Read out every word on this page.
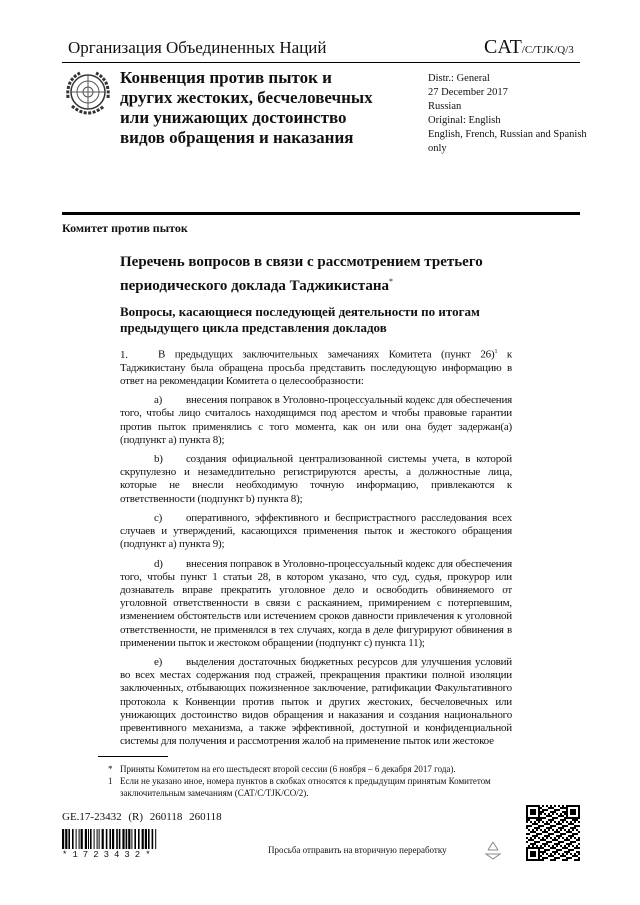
Организация Объединенных Наций	CAT/C/TJK/Q/3
Конвенция против пыток и
других жестоких, бесчеловечных
или унижающих достоинство
видов обращения и наказания
Distr.: General
27 December 2017
Russian
Original: English
English, French, Russian and Spanish only
Комитет против пыток
Перечень вопросов в связи с рассмотрением третьего периодического доклада Таджикистана*
Вопросы, касающиеся последующей деятельности по итогам предыдущего цикла представления докладов

1.	В предыдущих заключительных замечаниях Комитета (пункт 26)$^1$ к Таджикистану была обращена просьба представить последующую информацию в ответ на рекомендации Комитета о целесообразности:

a) внесения поправок в Уголовно-процессуальный кодекс для обеспечения того, чтобы лицо считалось находящимся под арестом и чтобы правовые гарантии против пыток применялись с того момента, как он или она будет задержан(а) (подпункт a) пункта 8);

b) создания официальной централизованной системы учета, в которой скрупулезно и незамедлительно регистрируются аресты, а должностные лица, которые не внесли необходимую точную информацию, привлекаются к ответственности (подпункт b) пункта 8);

c) оперативного, эффективного и беспристрастного расследования всех случаев и утверждений, касающихся применения пыток и жестокого обращения (подпункт a) пункта 9);

d) внесения поправок в Уголовно-процессуальный кодекс для обеспечения того, чтобы пункт 1 статьи 28, в котором указано, что суд, судья, прокурор или дознаватель вправе прекратить уголовное дело и освободить обвиняемого от уголовной ответственности в связи с раскаянием, примирением с потерпевшим, изменением обстоятельств или истечением сроков давности привлечения к уголовной ответственности, не применялся в тех случаях, когда в деле фигурируют обвинения в применении пыток и жестоком обращении (подпункт c) пункта 11);

e) выделения достаточных бюджетных ресурсов для улучшения условий во всех местах содержания под стражей, прекращения практики полной изоляции заключенных, отбывающих пожизненное заключение, ратификации Факультативного протокола к Конвенции против пыток и других жестоких, бесчеловечных или унижающих достоинство видов обращения и наказания и создания национального превентивного механизма, а также эффективной, доступной и конфиденциальной системы для получения и рассмотрения жалоб на применение пыток или жестокое

* Приняты Комитетом на его шестьдесят второй сессии (6 ноября – 6 декабря 2017 года).
1 Если не указано иное, номера пунктов в скобках относятся к предыдущим принятым Комитетом заключительным замечаниям (CAT/C/TJK/CO/2).
GE.17-23432 (R) 260118 260118
*1723432*	Просьба отправить на вторичную переработку
